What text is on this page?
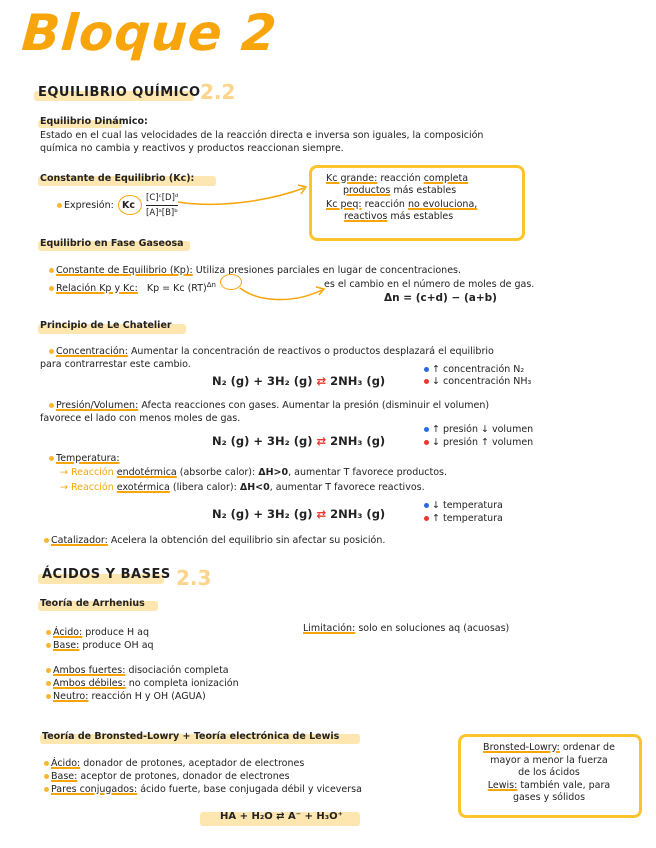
Bloque 2
EQUILIBRIO QUÍMICO 2.2
Equilibrio Dinámico:
Estado en el cual las velocidades de la reacción directa e inversa son iguales, la composición
química no cambia y reactivos y productos reaccionan siempre.
Constante de Equilibrio (Kc):
Expresión: Kc
[C]ᶜ[D]ᵈ
[A]ᵃ[B]ᵇ
Kc grande: reacción completa
productos más estables
Kc peq: reacción no evoluciona,
reactivos más estables
Equilibrio en Fase Gaseosa
Constante de Equilibrio (Kp): Utiliza presiones parciales en lugar de concentraciones.
Relación Kp y Kc: Kp = Kc (RT)$^{\Delta n}$	es el cambio en el número de moles de gas.
Δn = (c+d) − (a+b)
Principio de Le Chatelier
Concentración: Aumentar la concentración de reactivos o productos desplazará el equilibrio
para contrarrestar este cambio.
N₂ (g) + 3H₂ (g) ⇄ 2NH₃ (g)
↑ concentración N₂
↓ concentración NH₃
Presión/Volumen: Afecta reacciones con gases. Aumentar la presión (disminuir el volumen)
favorece el lado con menos moles de gas.
N₂ (g) + 3H₂ (g) ⇄ 2NH₃ (g)
↑ presión ↓ volumen
↓ presión ↑ volumen
Temperatura:
→ Reacción endotérmica (absorbe calor): ΔH>0, aumentar T favorece productos.
→ Reacción exotérmica (libera calor): ΔH<0, aumentar T favorece reactivos.
N₂ (g) + 3H₂ (g) ⇄ 2NH₃ (g)
↓ temperatura
↑ temperatura
Catalizador: Acelera la obtención del equilibrio sin afectar su posición.
ÁCIDOS Y BASES 2.3
Teoría de Arrhenius
Ácido: produce H aq
Base: produce OH aq
Limitación: solo en soluciones aq (acuosas)
Ambos fuertes: disociación completa
Ambos débiles: no completa ionización
Neutro: reacción H y OH (AGUA)
Teoría de Bronsted-Lowry + Teoría electrónica de Lewis
Ácido: donador de protones, aceptador de electrones
Base: aceptor de protones, donador de electrones
Pares conjugados: ácido fuerte, base conjugada débil y viceversa
HA + H₂O ⇄ A⁻ + H₃O⁺
Bronsted-Lowry: ordenar de
mayor a menor la fuerza
de los ácidos
Lewis: también vale, para
gases y sólidos
